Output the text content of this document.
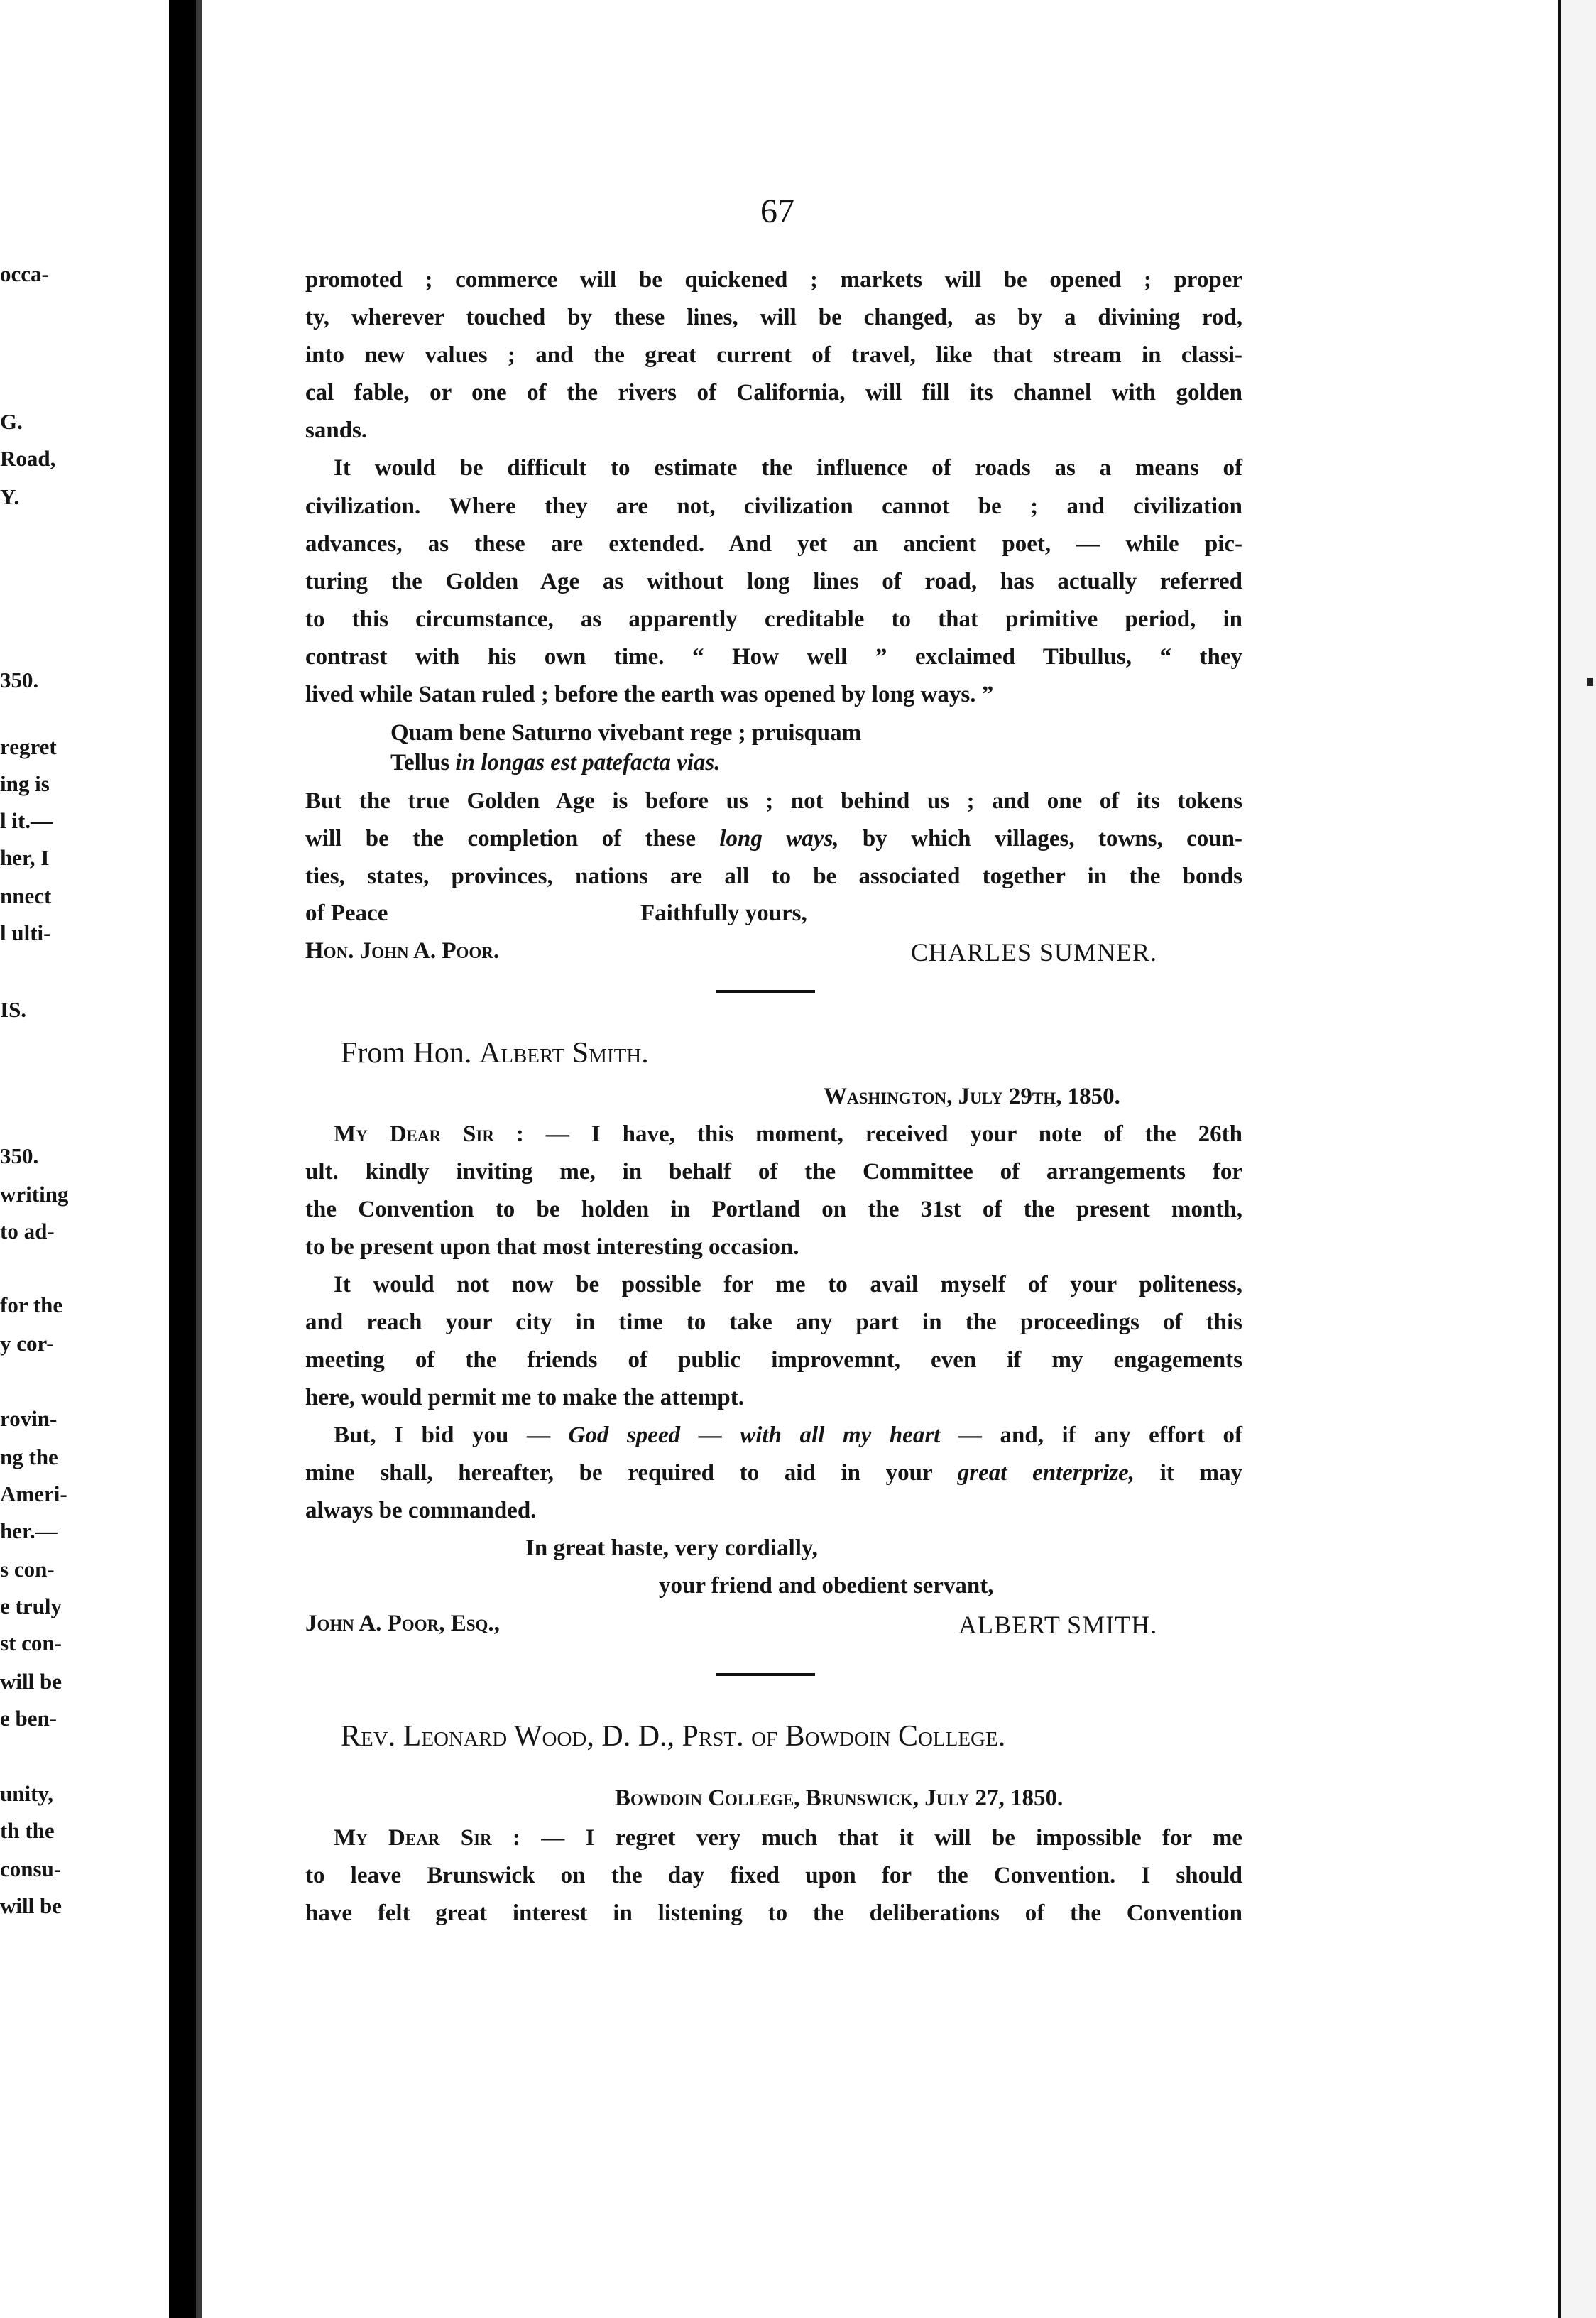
occa-
G.
Road,
Y.
350.
regret
ing is
l it.—
her, I
nnect
l ulti-
IS.
350.
writing
to ad-
for the
y cor-
rovin-
ng the
Ameri-
her.—
s con-
e truly
st con-
will be
e ben-
unity,
th the
consu-
will be
67
promoted ; commerce will be quickened ; markets will be opened ; proper
ty, wherever touched by these lines, will be changed, as by a divining rod,
into new values ; and the great current of travel, like that stream in classi-
cal fable, or one of the rivers of California, will fill its channel with golden
sands.
It would be difficult to estimate the influence of roads as a means of
civilization. Where they are not, civilization cannot be ; and civilization
advances, as these are extended. And yet an ancient poet, — while pic-
turing the Golden Age as without long lines of road, has actually referred
to this circumstance, as apparently creditable to that primitive period, in
contrast with his own time. “ How well ” exclaimed Tibullus, “ they
lived while Satan ruled ; before the earth was opened by long ways. ”
Quam bene Saturno vivebant rege ; pruisquam
Tellus in longas est patefacta vias.
But the true Golden Age is before us ; not behind us ; and one of its tokens
will be the completion of these long ways, by which villages, towns, coun-
ties, states, provinces, nations are all to be associated together in the bonds
of Peace	Faithfully yours,
Hon. John A. Poor.	CHARLES SUMNER.
From Hon. Albert Smith.
Washington, July 29th, 1850.
My Dear Sir : — I have, this moment, received your note of the 26th
ult. kindly inviting me, in behalf of the Committee of arrangements for
the Convention to be holden in Portland on the 31st of the present month,
to be present upon that most interesting occasion.
It would not now be possible for me to avail myself of your politeness,
and reach your city in time to take any part in the proceedings of this
meeting of the friends of public improvemnt, even if my engagements
here, would permit me to make the attempt.
But, I bid you — God speed — with all my heart — and, if any effort of
mine shall, hereafter, be required to aid in your great enterprize, it may
always be commanded.
In great haste, very cordially,
your friend and obedient servant,
John A. Poor, Esq.,	ALBERT SMITH.
Rev. Leonard Wood, D. D., Prst. of Bowdoin College.
Bowdoin College, Brunswick, July 27, 1850.
My Dear Sir : — I regret very much that it will be impossible for me
to leave Brunswick on the day fixed upon for the Convention. I should
have felt great interest in listening to the deliberations of the Convention
